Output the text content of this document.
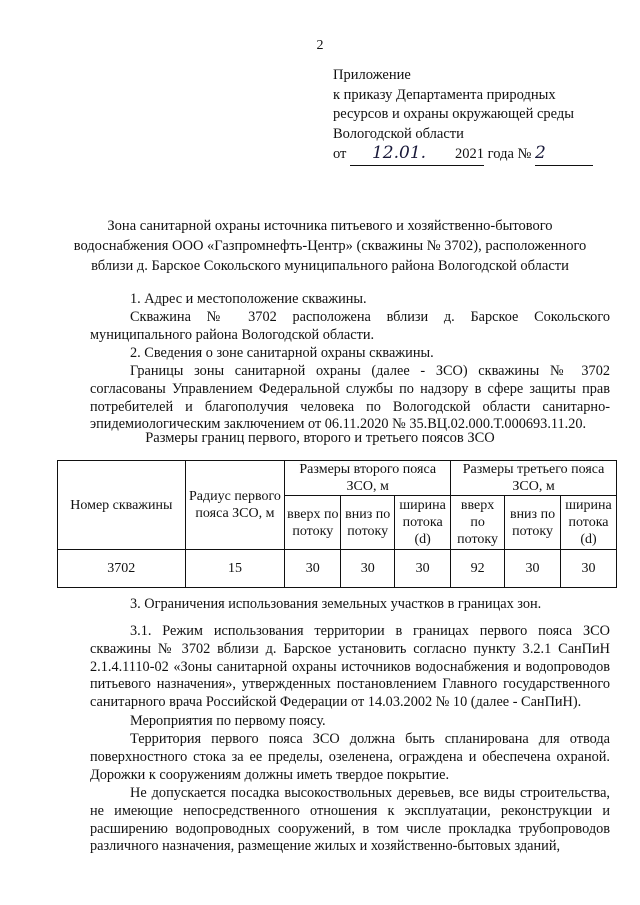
2
Приложение
к приказу Департамента природных
ресурсов и охраны окружающей среды
Вологодской области
от 12.01. 2021 года № 2
Зона санитарной охраны источника питьевого и хозяйственно-бытового водоснабжения ООО «Газпромнефть-Центр» (скважины № 3702), расположенного вблизи д. Барское Сокольского муниципального района Вологодской области
1. Адрес и местоположение скважины.
Скважина № 3702 расположена вблизи д. Барское Сокольского муниципального района Вологодской области.
2. Сведения о зоне санитарной охраны скважины.
Границы зоны санитарной охраны (далее - ЗСО) скважины № 3702 согласованы Управлением Федеральной службы по надзору в сфере защиты прав потребителей и благополучия человека по Вологодской области санитарно-эпидемиологическим заключением от 06.11.2020 № 35.ВЦ.02.000.Т.000693.11.20.
Размеры границ первого, второго и третьего поясов ЗСО
Номер скважины	Радиус первого пояса ЗСО, м	Размеры второго пояса ЗСО, м			Размеры третьего пояса ЗСО, м		
		вверх по потоку	вниз по потоку	ширина потока (d)	вверх по потоку	вниз по потоку	ширина потока (d)
3702	15	30	30	30	92	30	30
3. Ограничения использования земельных участков в границах зон.
3.1. Режим использования территории в границах первого пояса ЗСО скважины № 3702 вблизи д. Барское установить согласно пункту 3.2.1 СанПиН 2.1.4.1110-02 «Зоны санитарной охраны источников водоснабжения и водопроводов питьевого назначения», утвержденных постановлением Главного государственного санитарного врача Российской Федерации от 14.03.2002 № 10 (далее - СанПиН).
Мероприятия по первому поясу.
Территория первого пояса ЗСО должна быть спланирована для отвода поверхностного стока за ее пределы, озеленена, ограждена и обеспечена охраной. Дорожки к сооружениям должны иметь твердое покрытие.
Не допускается посадка высокоствольных деревьев, все виды строительства, не имеющие непосредственного отношения к эксплуатации, реконструкции и расширению водопроводных сооружений, в том числе прокладка трубопроводов различного назначения, размещение жилых и хозяйственно-бытовых зданий,
